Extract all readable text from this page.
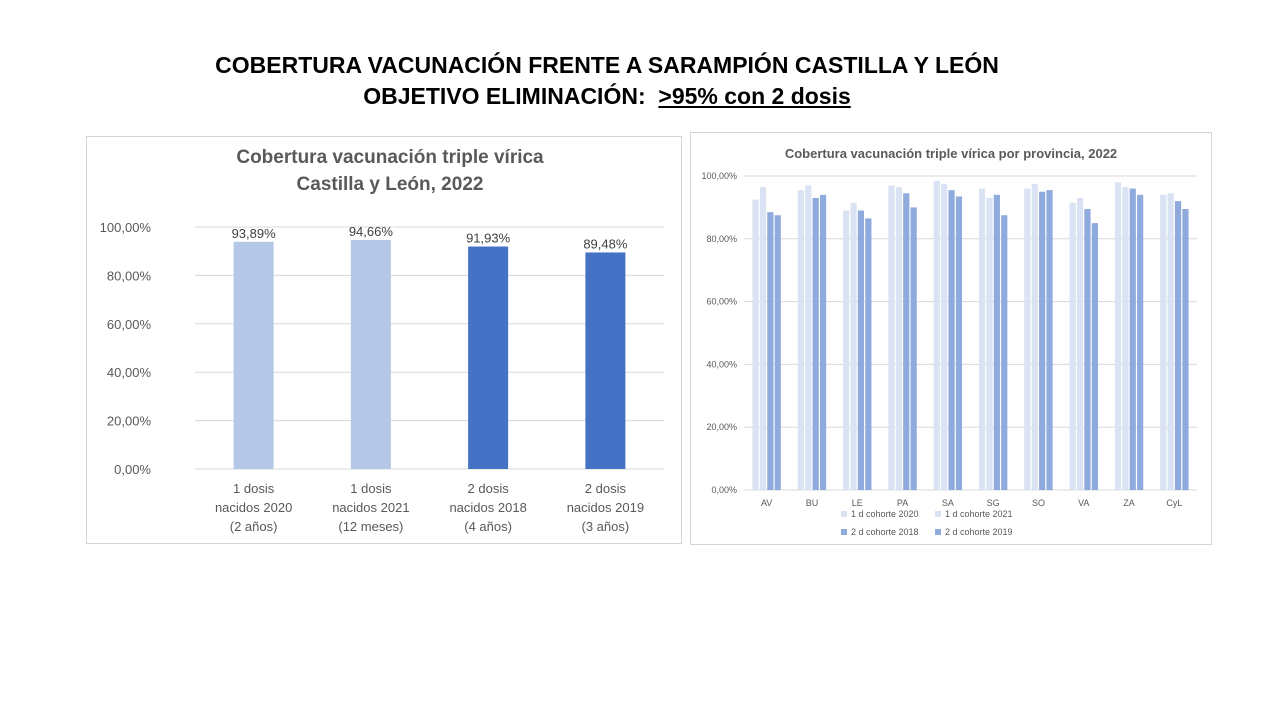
COBERTURA VACUNACIÓN FRENTE A SARAMPIÓN CASTILLA Y LEÓN
OBJETIVO ELIMINACIÓN: >95% con 2 dosis
Cobertura vacunación triple vírica
Castilla y León, 2022
0,00%
20,00%
40,00%
60,00%
80,00%
100,00%	93,89%
1 dosis
nacidos 2020
(2 años)
94,66%
1 dosis
nacidos 2021
(12 meses)
91,93%
2 dosis
nacidos 2018
(4 años)
89,48%
2 dosis
nacidos 2019
(3 años)
Cobertura vacunación triple vírica por provincia, 2022
0,00%
20,00%
40,00%
60,00%
80,00%
100,00%
AV	BU	LE	PA	SA	SG	SO	VA	ZA	CyL
1 d cohorte 2020	1 d cohorte 2021
2 d cohorte 2018	2 d cohorte 2019
